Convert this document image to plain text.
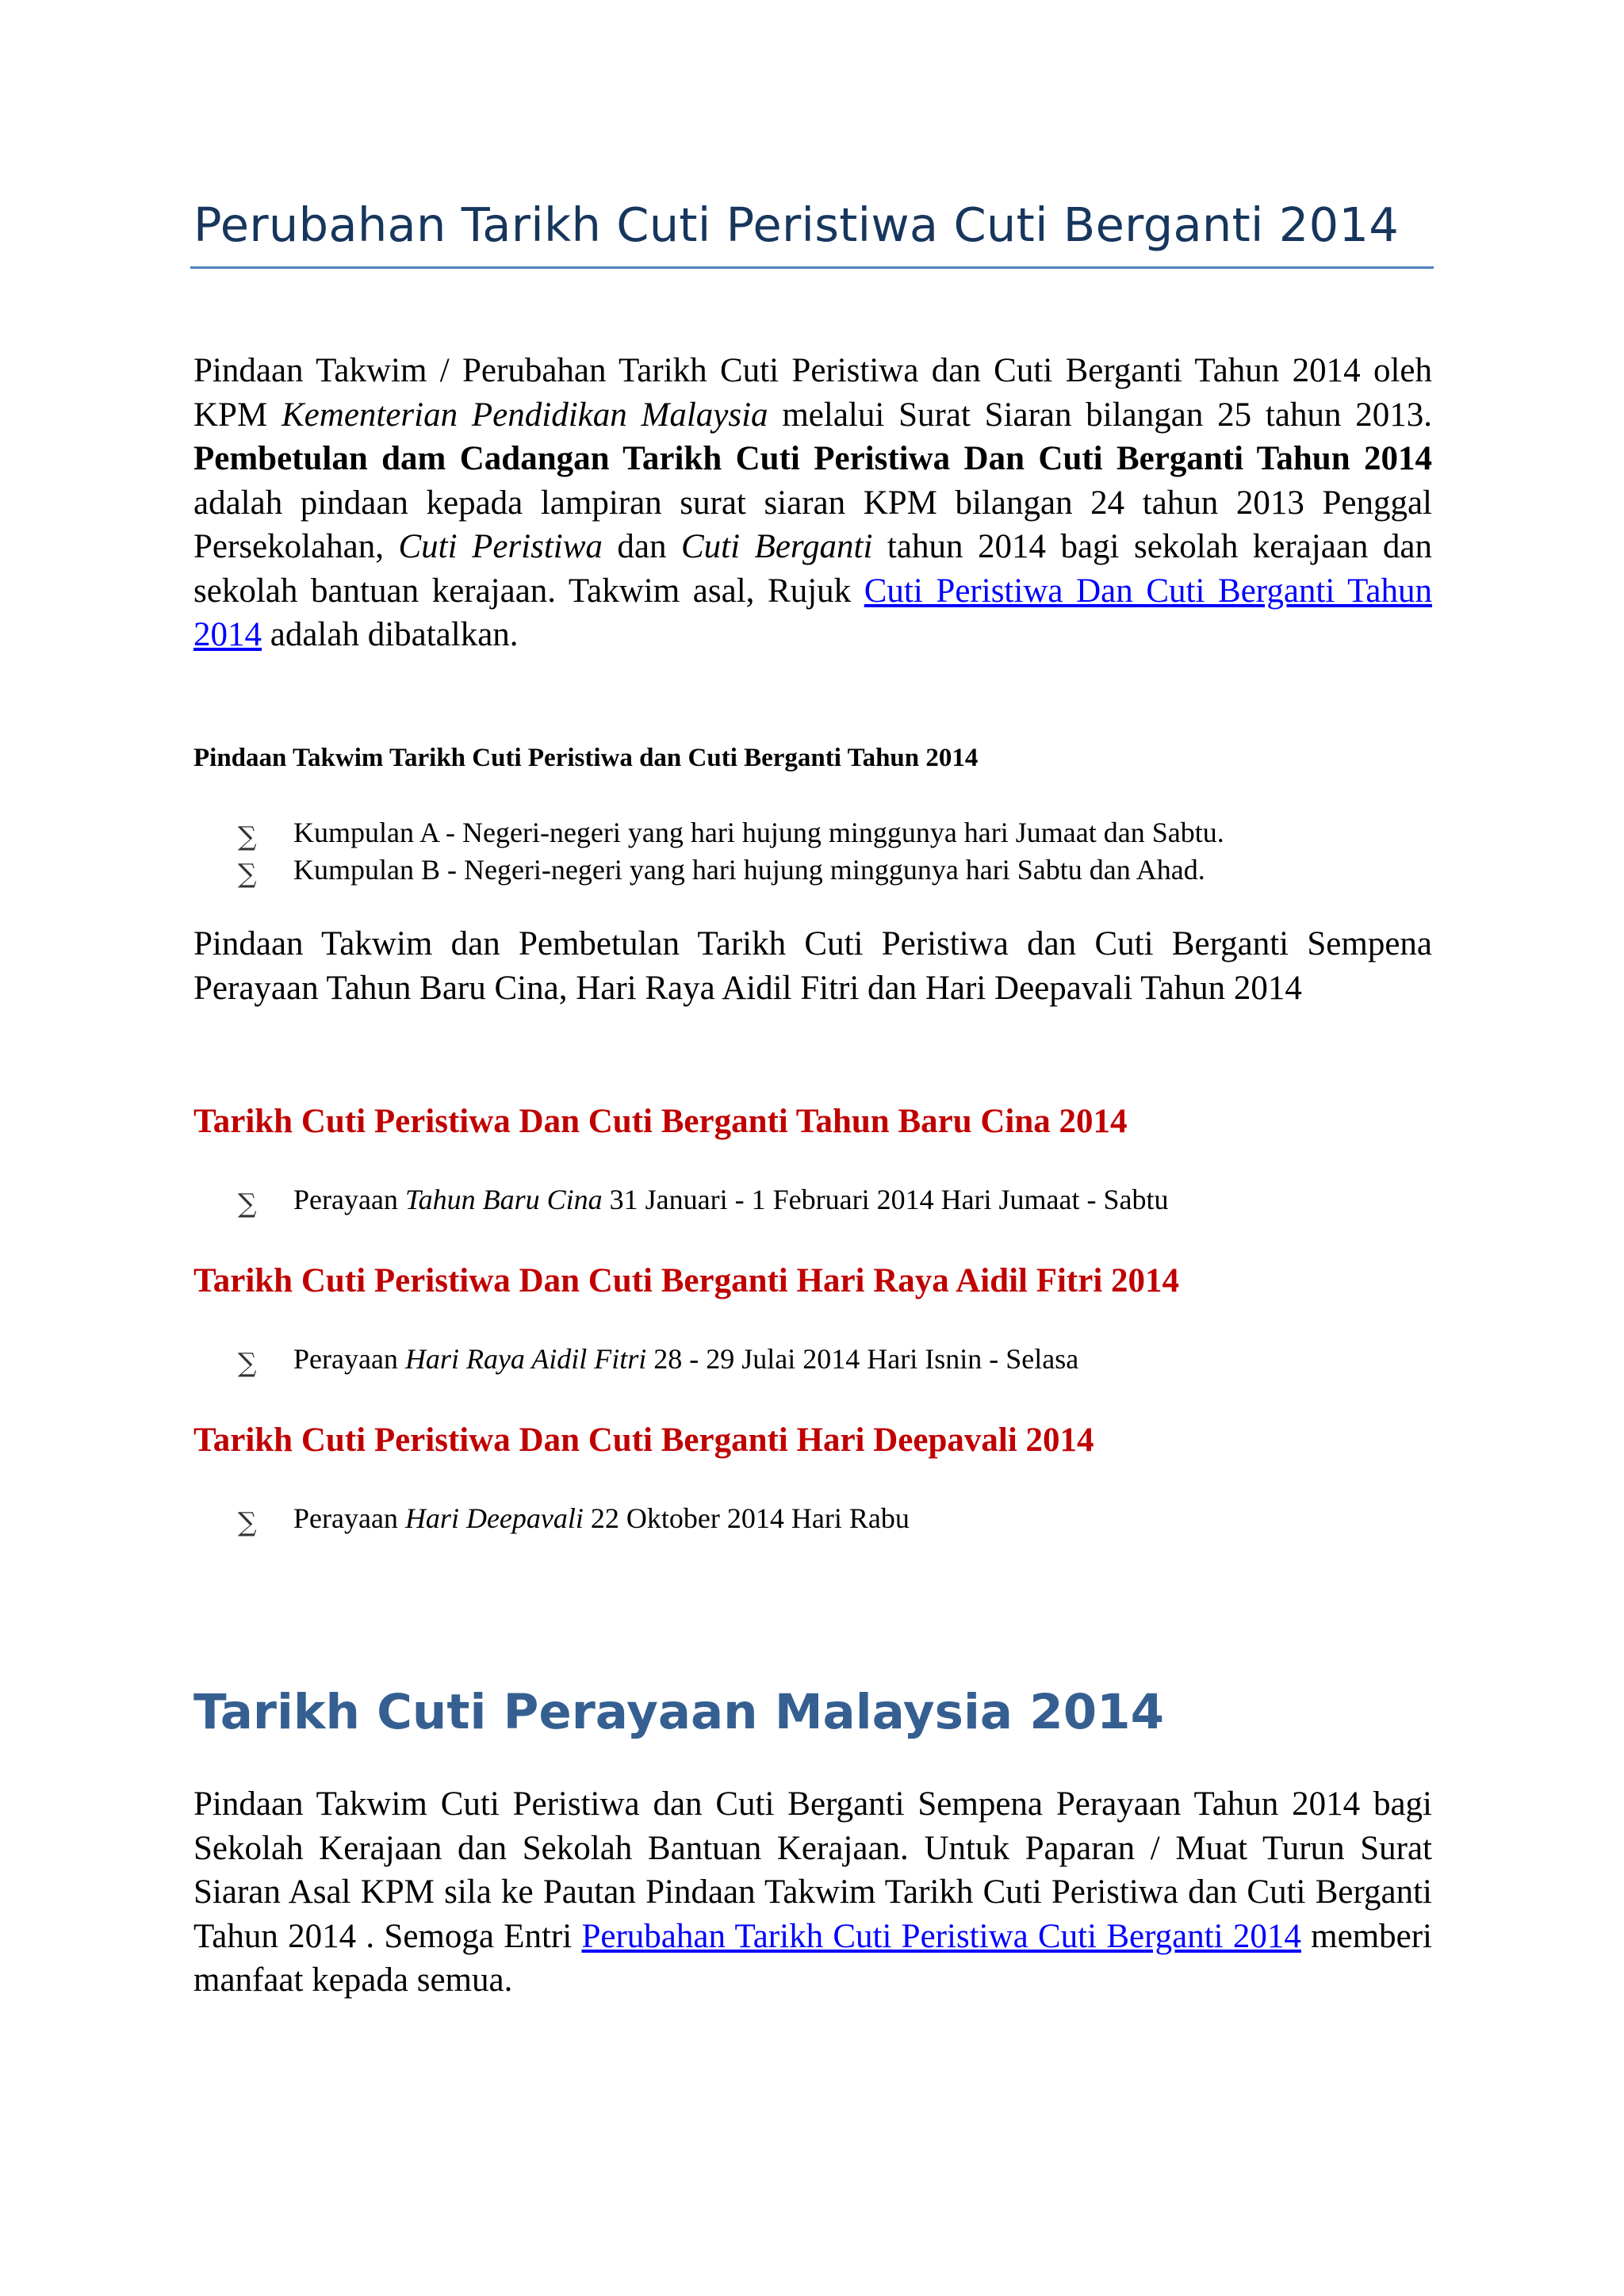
Perubahan Tarikh Cuti Peristiwa Cuti Berganti 2014

Pindaan Takwim / Perubahan Tarikh Cuti Peristiwa dan Cuti Berganti Tahun 2014 oleh KPM Kementerian Pendidikan Malaysia melalui Surat Siaran bilangan 25 tahun 2013. Pembetulan dam Cadangan Tarikh Cuti Peristiwa Dan Cuti Berganti Tahun 2014 adalah pindaan kepada lampiran surat siaran KPM bilangan 24 tahun 2013 Penggal Persekolahan, Cuti Peristiwa dan Cuti Berganti tahun 2014 bagi sekolah kerajaan dan sekolah bantuan kerajaan. Takwim asal, Rujuk Cuti Peristiwa Dan Cuti Berganti Tahun 2014 adalah dibatalkan.

Pindaan Takwim Tarikh Cuti Peristiwa dan Cuti Berganti Tahun 2014
∑ Kumpulan A - Negeri-negeri yang hari hujung minggunya hari Jumaat dan Sabtu.
∑ Kumpulan B - Negeri-negeri yang hari hujung minggunya hari Sabtu dan Ahad.

Pindaan Takwim dan Pembetulan Tarikh Cuti Peristiwa dan Cuti Berganti Sempena Perayaan Tahun Baru Cina, Hari Raya Aidil Fitri dan Hari Deepavali Tahun 2014

Tarikh Cuti Peristiwa Dan Cuti Berganti Tahun Baru Cina 2014
∑ Perayaan Tahun Baru Cina 31 Januari - 1 Februari 2014 Hari Jumaat - Sabtu
Tarikh Cuti Peristiwa Dan Cuti Berganti Hari Raya Aidil Fitri 2014
∑ Perayaan Hari Raya Aidil Fitri 28 - 29 Julai 2014 Hari Isnin - Selasa
Tarikh Cuti Peristiwa Dan Cuti Berganti Hari Deepavali 2014
∑ Perayaan Hari Deepavali 22 Oktober 2014 Hari Rabu
Tarikh Cuti Perayaan Malaysia 2014

Pindaan Takwim Cuti Peristiwa dan Cuti Berganti Sempena Perayaan Tahun 2014 bagi Sekolah Kerajaan dan Sekolah Bantuan Kerajaan. Untuk Paparan / Muat Turun Surat Siaran Asal KPM sila ke Pautan Pindaan Takwim Tarikh Cuti Peristiwa dan Cuti Berganti Tahun 2014 . Semoga Entri Perubahan Tarikh Cuti Peristiwa Cuti Berganti 2014 memberi manfaat kepada semua.
